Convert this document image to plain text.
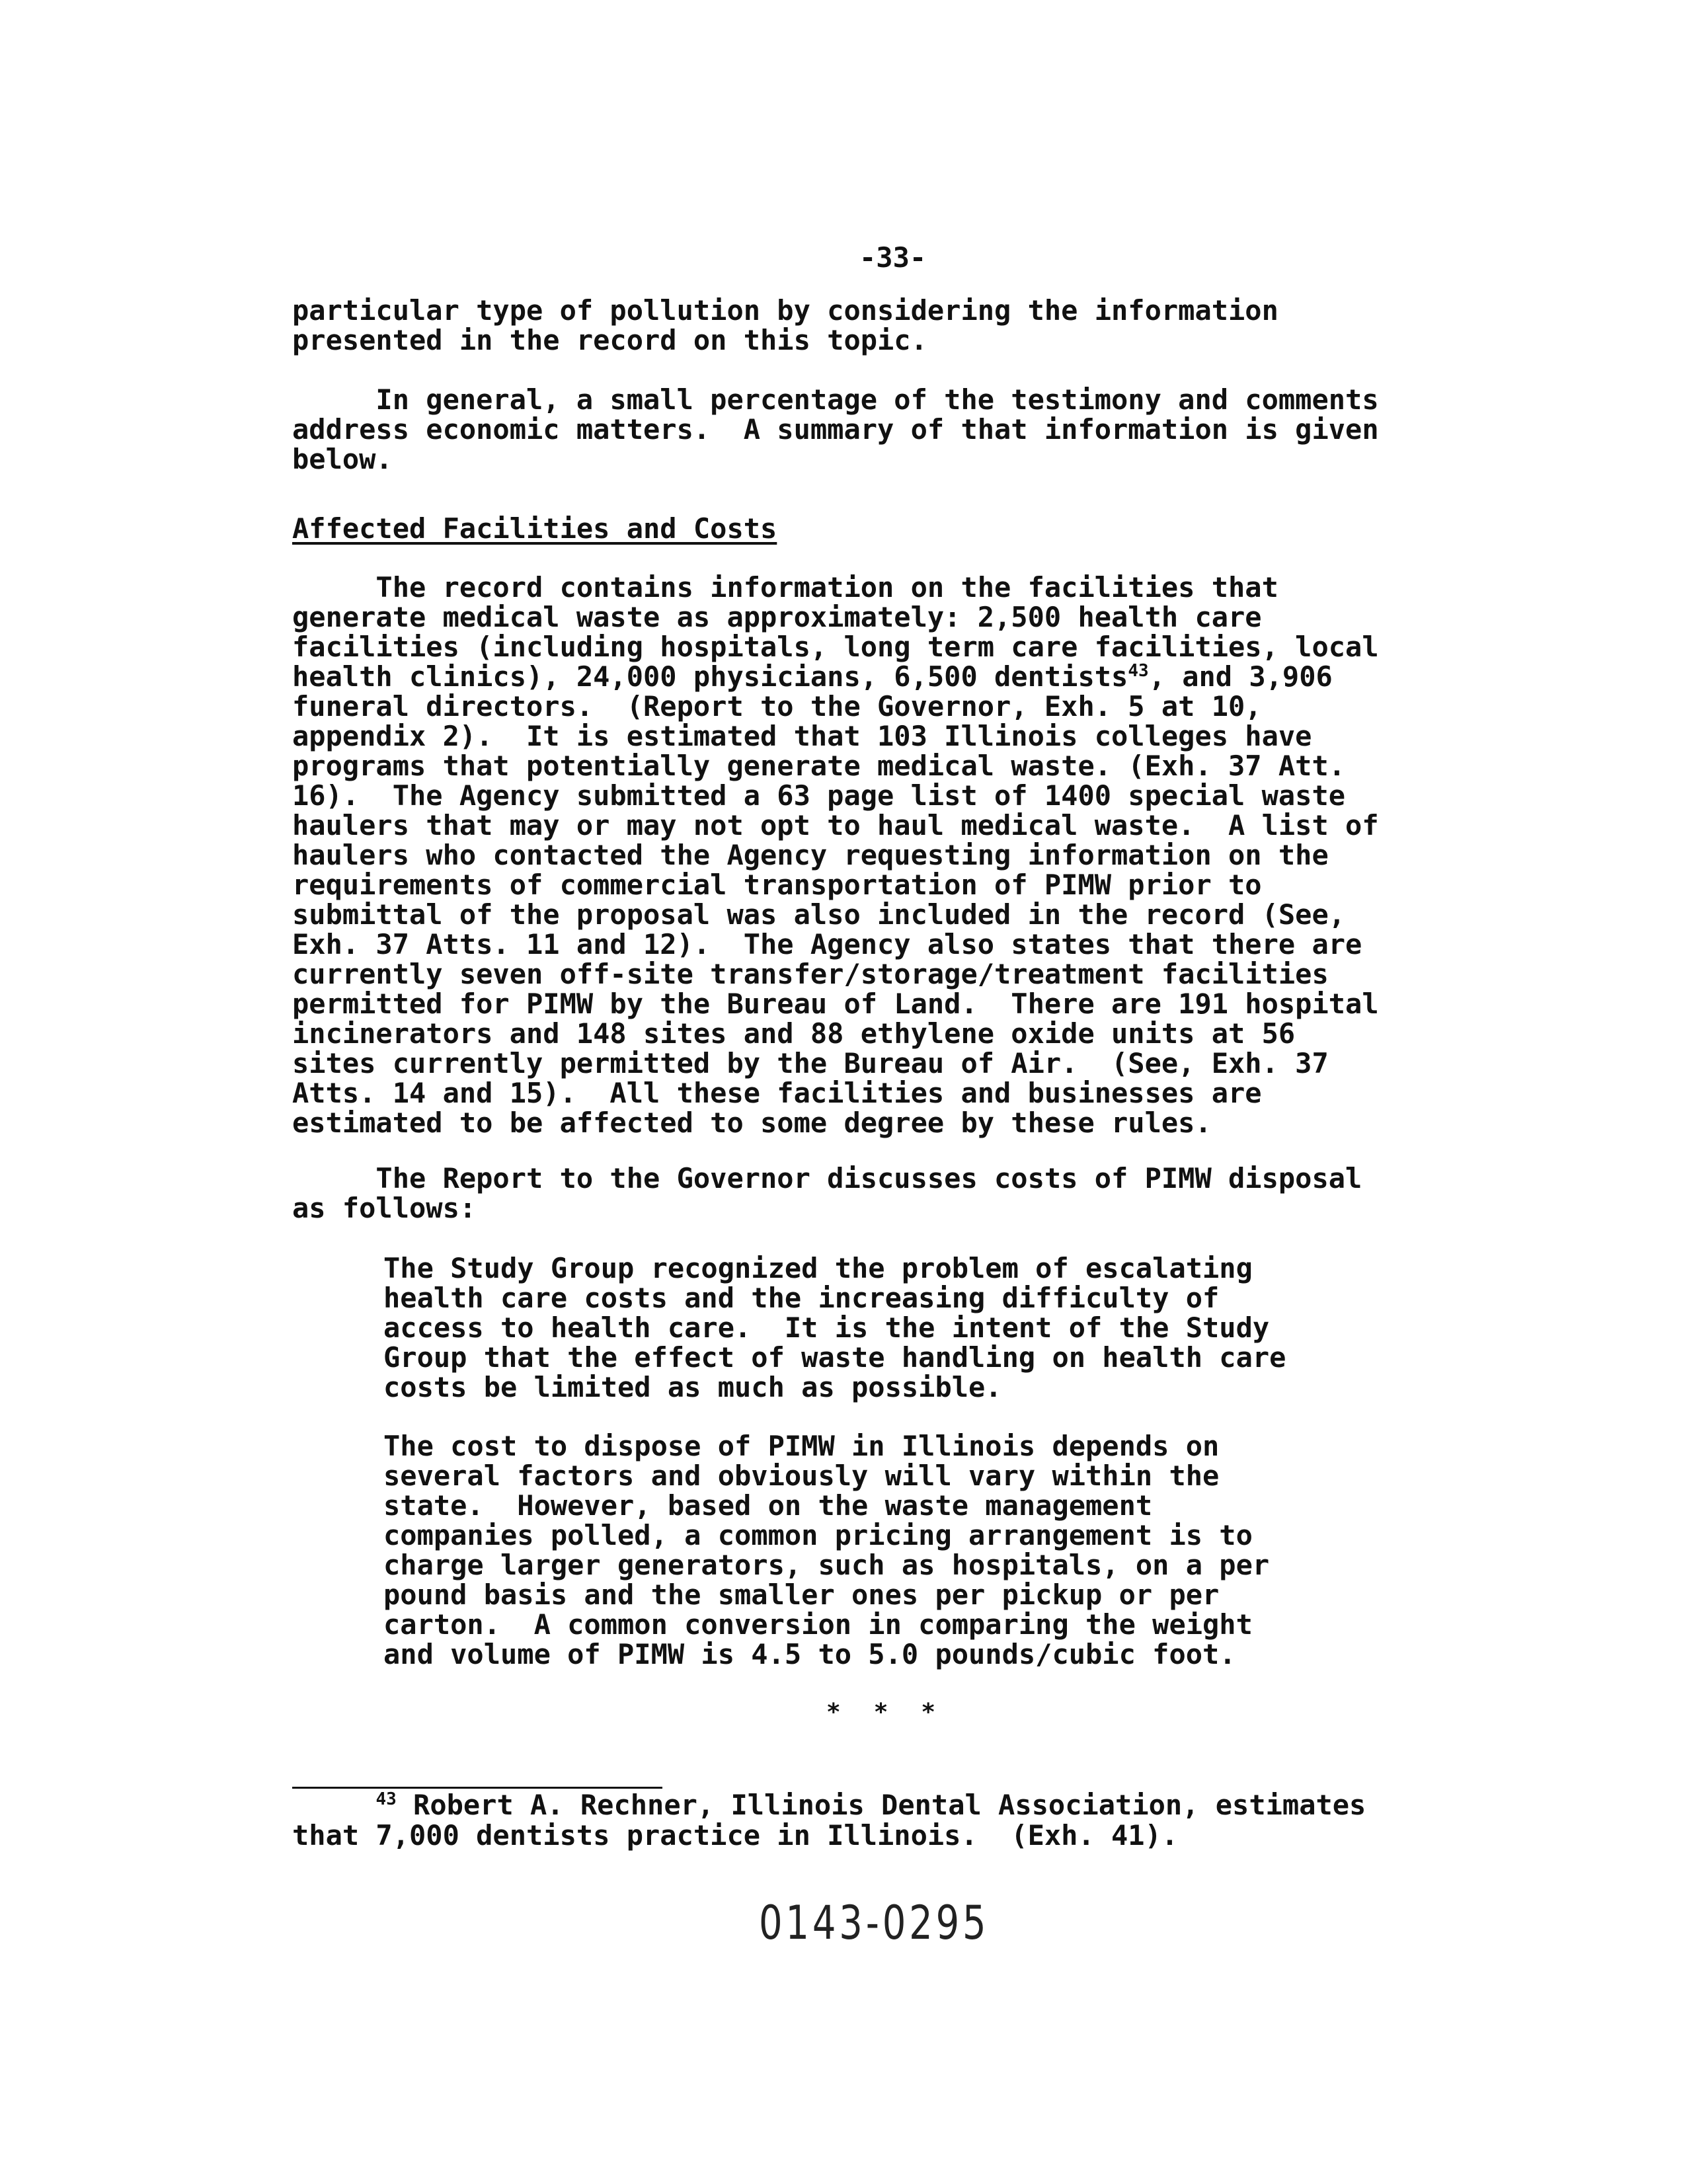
- 33 -
particular type of pollution by considering the information
presented in the record on this topic.
In general, a small percentage of the testimony and comments
address economic matters.  A summary of that information is given
below.
Affected Facilities and Costs
The record contains information on the facilities that
generate medical waste as approximately: 2,500 health care
facilities (including hospitals, long term care facilities, local
health clinics), 24,000 physicians, 6,500 dentists$^{43}$, and 3,906
funeral directors.  (Report to the Governor, Exh. 5 at 10,
appendix 2).  It is estimated that 103 Illinois colleges have
programs that potentially generate medical waste. (Exh. 37 Att.
16).  The Agency submitted a 63 page list of 1400 special waste
haulers that may or may not opt to haul medical waste.  A list of
haulers who contacted the Agency requesting information on the
requirements of commercial transportation of PIMW prior to
submittal of the proposal was also included in the record (See,
Exh. 37 Atts. 11 and 12).  The Agency also states that there are
currently seven off-site transfer/storage/treatment facilities
permitted for PIMW by the Bureau of Land.  There are 191 hospital
incinerators and 148 sites and 88 ethylene oxide units at 56
sites currently permitted by the Bureau of Air.  (See, Exh. 37
Atts. 14 and 15).  All these facilities and businesses are
estimated to be affected to some degree by these rules.
The Report to the Governor discusses costs of PIMW disposal
as follows:
The Study Group recognized the problem of escalating
health care costs and the increasing difficulty of
access to health care.  It is the intent of the Study
Group that the effect of waste handling on health care
costs be limited as much as possible.
The cost to dispose of PIMW in Illinois depends on
several factors and obviously will vary within the
state.  However, based on the waste management
companies polled, a common pricing arrangement is to
charge larger generators, such as hospitals, on a per
pound basis and the smaller ones per pickup or per
carton.  A common conversion in comparing the weight
and volume of PIMW is 4.5 to 5.0 pounds/cubic foot.
* * *
$^{43}$ Robert A. Rechner, Illinois Dental Association, estimates
that 7,000 dentists practice in Illinois.  (Exh. 41).
0143-0295
